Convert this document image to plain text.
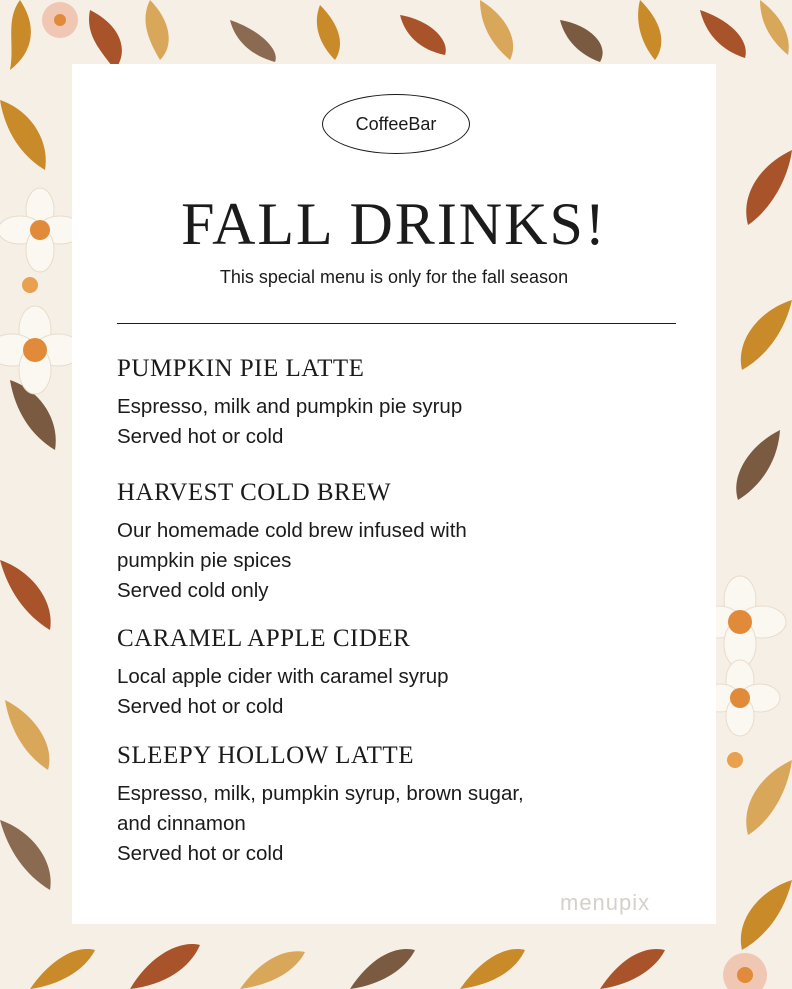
CoffeeBar
FALL DRINKS!
This special menu is only for the fall season
PUMPKIN PIE LATTE
Espresso, milk and pumpkin pie syrup
Served hot or cold
HARVEST COLD BREW
Our homemade cold brew infused with
pumpkin pie spices
Served cold only
CARAMEL APPLE CIDER
Local apple cider with caramel syrup
Served hot or cold
SLEEPY HOLLOW LATTE
Espresso, milk, pumpkin syrup, brown sugar,
and cinnamon
Served hot or cold
menupix
